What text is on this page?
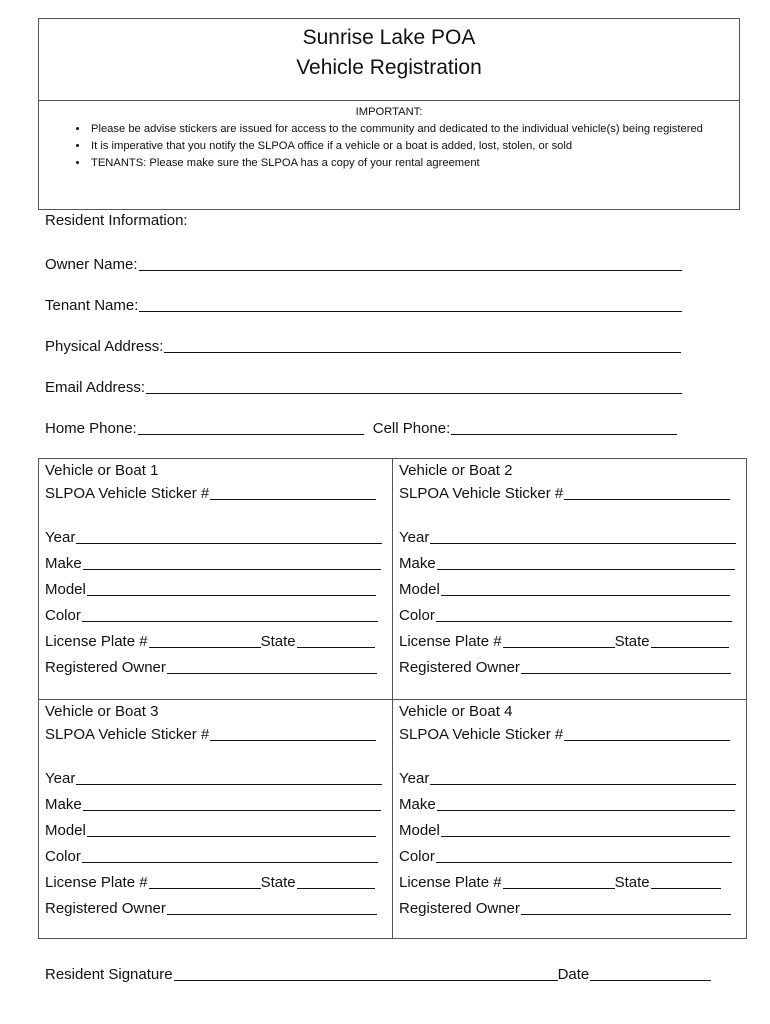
Sunrise Lake POA
Vehicle Registration
IMPORTANT:
• Please be advise stickers are issued for access to the community and dedicated to the individual vehicle(s) being registered
• It is imperative that you notify the SLPOA office if a vehicle or a boat is added, lost, stolen, or sold
• TENANTS: Please make sure the SLPOA has a copy of your rental agreement
Resident Information:
Owner Name:
Tenant Name:
Physical Address:
Email Address:
Home Phone:	Cell Phone:
Vehicle or Boat 1
SLPOA Vehicle Sticker #
Year
Make
Model
Color
License Plate #	State
Registered Owner
Vehicle or Boat 2
SLPOA Vehicle Sticker #
Year
Make
Model
Color
License Plate #	State
Registered Owner
Vehicle or Boat 3
SLPOA Vehicle Sticker #
Year
Make
Model
Color
License Plate #	State
Registered Owner
Vehicle or Boat 4
SLPOA Vehicle Sticker #
Year
Make
Model
Color
License Plate #	State
Registered Owner
Resident Signature	Date
